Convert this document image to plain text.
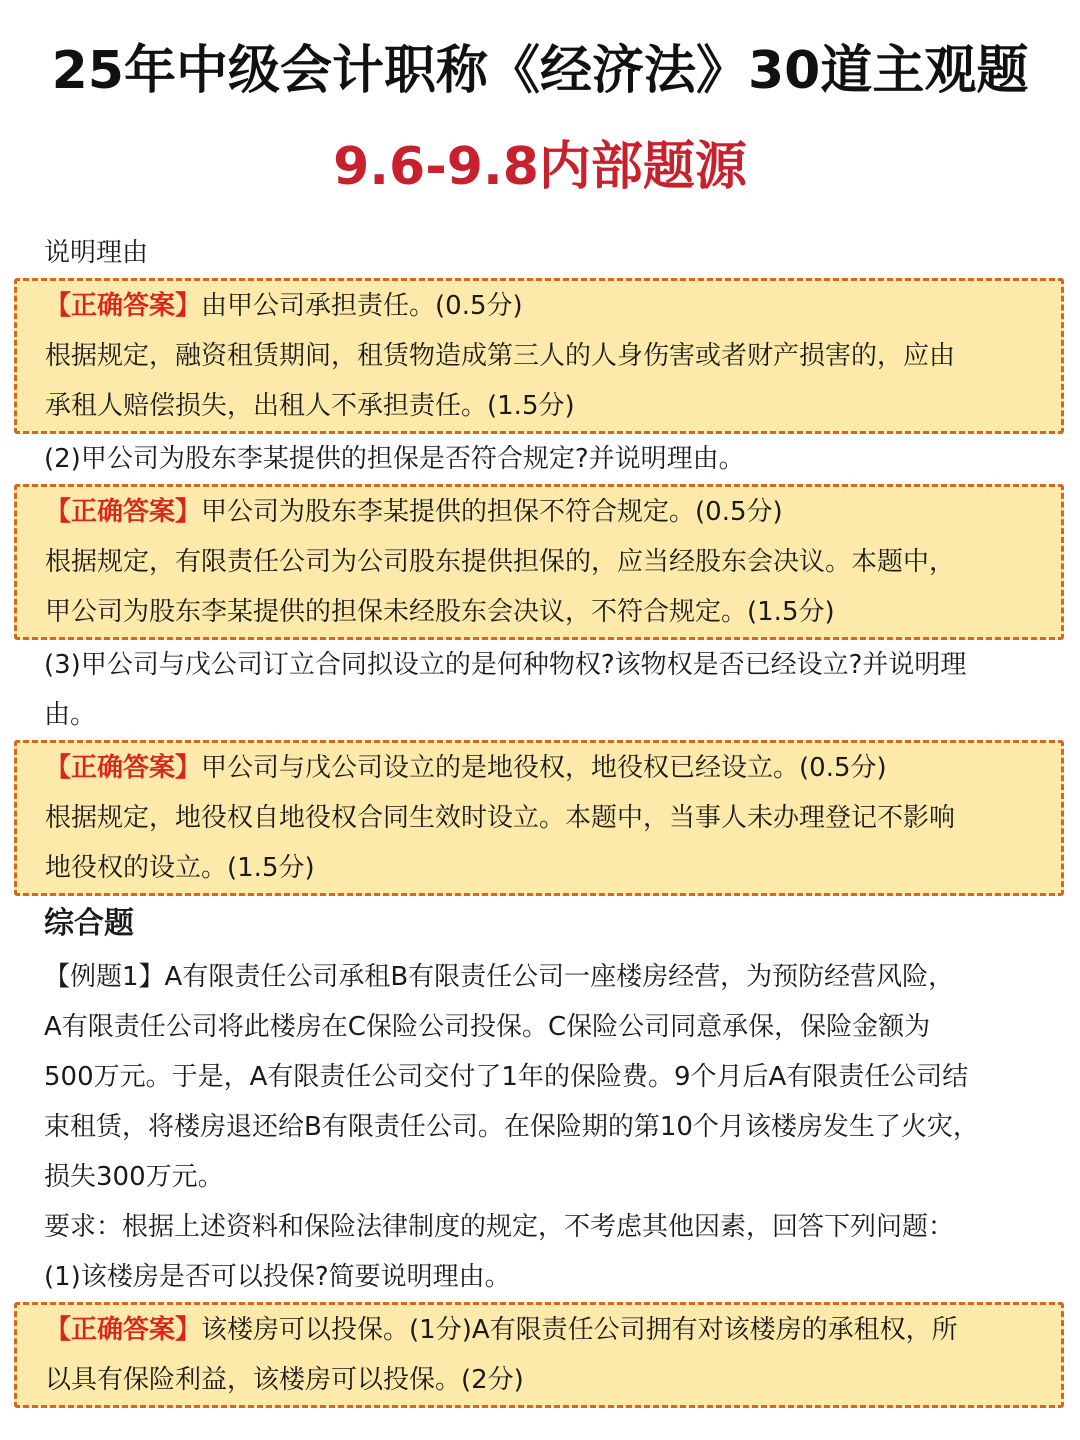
25年中级会计职称《经济法》30道主观题
9.6-9.8内部题源
说明理由
【正确答案】由甲公司承担责任。(0.5分)
根据规定，融资租赁期间，租赁物造成第三人的人身伤害或者财产损害的，应由
承租人赔偿损失，出租人不承担责任。(1.5分)
(2)甲公司为股东李某提供的担保是否符合规定?并说明理由。
【正确答案】甲公司为股东李某提供的担保不符合规定。(0.5分)
根据规定，有限责任公司为公司股东提供担保的，应当经股东会决议。本题中，
甲公司为股东李某提供的担保未经股东会决议，不符合规定。(1.5分)
(3)甲公司与戊公司订立合同拟设立的是何种物权?该物权是否已经设立?并说明理
由。
【正确答案】甲公司与戊公司设立的是地役权，地役权已经设立。(0.5分)
根据规定，地役权自地役权合同生效时设立。本题中，当事人未办理登记不影响
地役权的设立。(1.5分)
综合题
【例题1】A有限责任公司承租B有限责任公司一座楼房经营，为预防经营风险，
A有限责任公司将此楼房在C保险公司投保。C保险公司同意承保，保险金额为
500万元。于是，A有限责任公司交付了1年的保险费。9个月后A有限责任公司结
束租赁，将楼房退还给B有限责任公司。在保险期的第10个月该楼房发生了火灾，
损失300万元。
要求：根据上述资料和保险法律制度的规定，不考虑其他因素，回答下列问题：
(1)该楼房是否可以投保?简要说明理由。
【正确答案】该楼房可以投保。(1分)A有限责任公司拥有对该楼房的承租权，所
以具有保险利益，该楼房可以投保。(2分)
